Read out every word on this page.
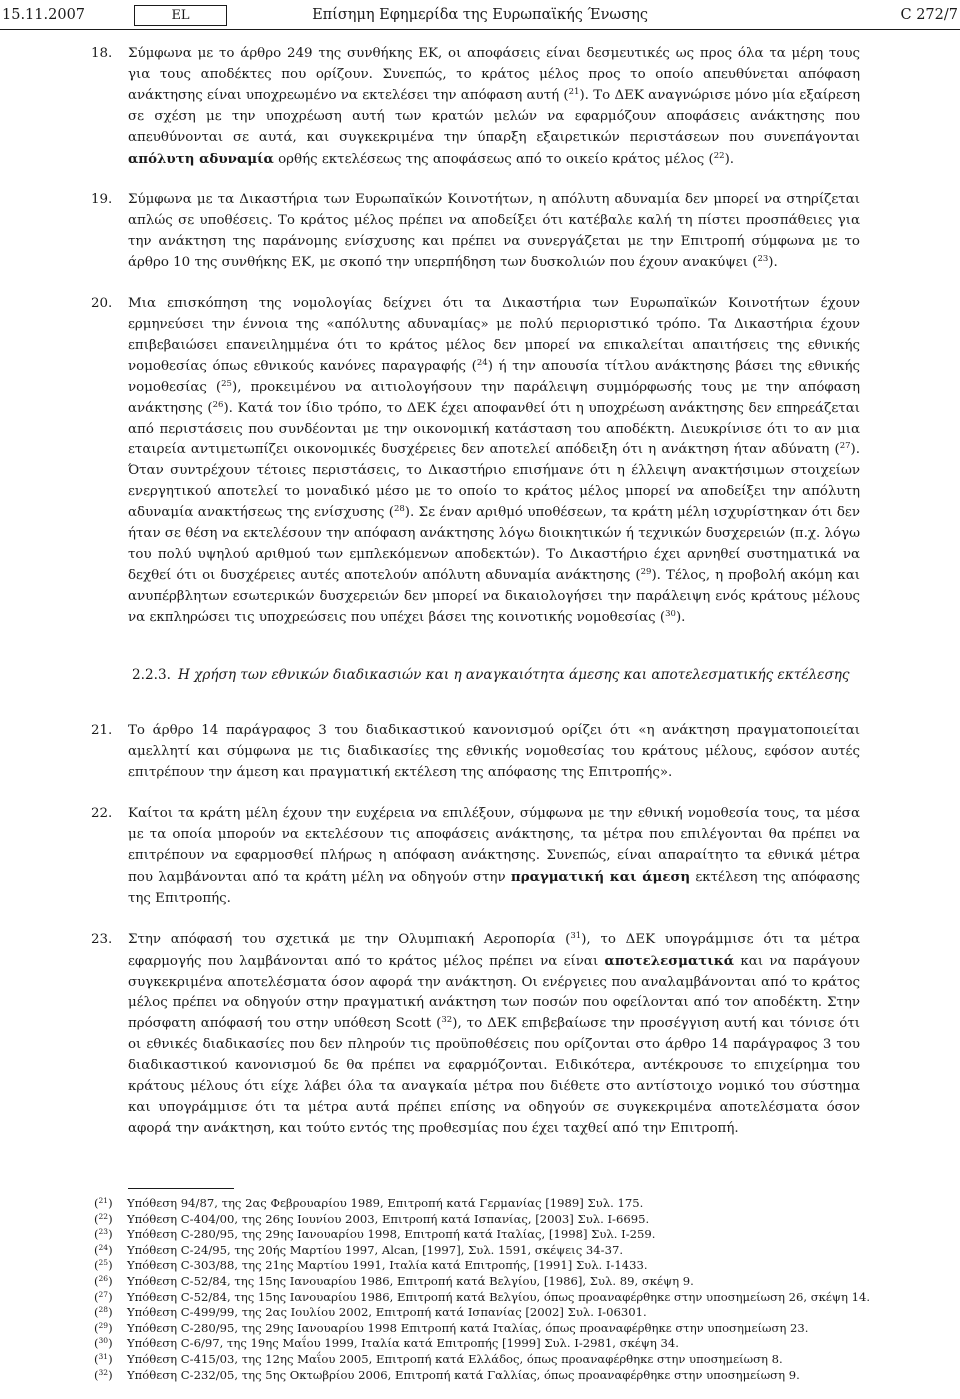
15.11.2007	EL	Επίσημη Εφημερίδα της Ευρωπαϊκής Ένωσης	C 272/7
18. Σύμφωνα με το άρθρο 249 της συνθήκης ΕΚ, οι αποφάσεις είναι δεσμευτικές ως προς όλα τα μέρη τους για τους αποδέκτες που ορίζουν. Συνεπώς, το κράτος μέλος προς το οποίο απευθύνεται απόφαση ανάκτησης είναι υποχρεωμένο να εκτελέσει την απόφαση αυτή ($^{21}$). Το ΔΕΚ αναγνώρισε μόνο μία εξαίρεση σε σχέση με την υποχρέωση αυτή των κρατών μελών να εφαρμόζουν αποφάσεις ανάκτησης που απευθύνονται σε αυτά, και συγκεκριμένα την ύπαρξη εξαιρετικών περιστάσεων που συνεπάγονται απόλυτη αδυναμία ορθής εκτελέσεως της αποφάσεως από το οικείο κράτος μέλος ($^{22}$).
19. Σύμφωνα με τα Δικαστήρια των Ευρωπαϊκών Κοινοτήτων, η απόλυτη αδυναμία δεν μπορεί να στηρίζεται απλώς σε υποθέσεις. Το κράτος μέλος πρέπει να αποδείξει ότι κατέβαλε καλή τη πίστει προσπάθειες για την ανάκτηση της παράνομης ενίσχυσης και πρέπει να συνεργάζεται με την Επιτροπή σύμφωνα με το άρθρο 10 της συνθήκης ΕΚ, με σκοπό την υπερπήδηση των δυσκολιών που έχουν ανακύψει ($^{23}$).
20. Μια επισκόπηση της νομολογίας δείχνει ότι τα Δικαστήρια των Ευρωπαϊκών Κοινοτήτων έχουν ερμηνεύσει την έννοια της «απόλυτης αδυναμίας» με πολύ περιοριστικό τρόπο. Τα Δικαστήρια έχουν επιβεβαιώσει επανειλημμένα ότι το κράτος μέλος δεν μπορεί να επικαλείται απαιτήσεις της εθνικής νομοθεσίας όπως εθνικούς κανόνες παραγραφής ($^{24}$) ή την απουσία τίτλου ανάκτησης βάσει της εθνικής νομοθεσίας ($^{25}$), προκειμένου να αιτιολογήσουν την παράλειψη συμμόρφωσής τους με την απόφαση ανάκτησης ($^{26}$). Κατά τον ίδιο τρόπο, το ΔΕΚ έχει αποφανθεί ότι η υποχρέωση ανάκτησης δεν επηρεάζεται από περιστάσεις που συνδέονται με την οικονομική κατάσταση του αποδέκτη. Διευκρίνισε ότι το αν μια εταιρεία αντιμετωπίζει οικονομικές δυσχέρειες δεν αποτελεί απόδειξη ότι η ανάκτηση ήταν αδύνατη ($^{27}$). Όταν συντρέχουν τέτοιες περιστάσεις, το Δικαστήριο επισήμανε ότι η έλλειψη ανακτήσιμων στοιχείων ενεργητικού αποτελεί το μοναδικό μέσο με το οποίο το κράτος μέλος μπορεί να αποδείξει την απόλυτη αδυναμία ανακτήσεως της ενίσχυσης ($^{28}$). Σε έναν αριθμό υποθέσεων, τα κράτη μέλη ισχυρίστηκαν ότι δεν ήταν σε θέση να εκτελέσουν την απόφαση ανάκτησης λόγω διοικητικών ή τεχνικών δυσχερειών (π.χ. λόγω του πολύ υψηλού αριθμού των εμπλεκόμενων αποδεκτών). Το Δικαστήριο έχει αρνηθεί συστηματικά να δεχθεί ότι οι δυσχέρειες αυτές αποτελούν απόλυτη αδυναμία ανάκτησης ($^{29}$). Τέλος, η προβολή ακόμη και ανυπέρβλητων εσωτερικών δυσχερειών δεν μπορεί να δικαιολογήσει την παράλειψη ενός κράτους μέλους να εκπληρώσει τις υποχρεώσεις που υπέχει βάσει της κοινοτικής νομοθεσίας ($^{30}$).
2.2.3. Η χρήση των εθνικών διαδικασιών και η αναγκαιότητα άμεσης και αποτελεσματικής εκτέλεσης
21. Το άρθρο 14 παράγραφος 3 του διαδικαστικού κανονισμού ορίζει ότι «η ανάκτηση πραγματοποιείται αμελλητί και σύμφωνα με τις διαδικασίες της εθνικής νομοθεσίας του κράτους μέλους, εφόσον αυτές επιτρέπουν την άμεση και πραγματική εκτέλεση της απόφασης της Επιτροπής».
22. Καίτοι τα κράτη μέλη έχουν την ευχέρεια να επιλέξουν, σύμφωνα με την εθνική νομοθεσία τους, τα μέσα με τα οποία μπορούν να εκτελέσουν τις αποφάσεις ανάκτησης, τα μέτρα που επιλέγονται θα πρέπει να επιτρέπουν να εφαρμοσθεί πλήρως η απόφαση ανάκτησης. Συνεπώς, είναι απαραίτητο τα εθνικά μέτρα που λαμβάνονται από τα κράτη μέλη να οδηγούν στην πραγματική και άμεση εκτέλεση της απόφασης της Επιτροπής.
23. Στην απόφασή του σχετικά με την Ολυμπιακή Αεροπορία ($^{31}$), το ΔΕΚ υπογράμμισε ότι τα μέτρα εφαρμογής που λαμβάνονται από το κράτος μέλος πρέπει να είναι αποτελεσματικά και να παράγουν συγκεκριμένα αποτελέσματα όσον αφορά την ανάκτηση. Οι ενέργειες που αναλαμβάνονται από το κράτος μέλος πρέπει να οδηγούν στην πραγματική ανάκτηση των ποσών που οφείλονται από τον αποδέκτη. Στην πρόσφατη απόφασή του στην υπόθεση Scott ($^{32}$), το ΔΕΚ επιβεβαίωσε την προσέγγιση αυτή και τόνισε ότι οι εθνικές διαδικασίες που δεν πληρούν τις προϋποθέσεις που ορίζονται στο άρθρο 14 παράγραφος 3 του διαδικαστικού κανονισμού δε θα πρέπει να εφαρμόζονται. Ειδικότερα, αντέκρουσε το επιχείρημα του κράτους μέλους ότι είχε λάβει όλα τα αναγκαία μέτρα που διέθετε στο αντίστοιχο νομικό του σύστημα και υπογράμμισε ότι τα μέτρα αυτά πρέπει επίσης να οδηγούν σε συγκεκριμένα αποτελέσματα όσον αφορά την ανάκτηση, και τούτο εντός της προθεσμίας που έχει ταχθεί από την Επιτροπή.
($^{21}$)	Υπόθεση 94/87, της 2ας Φεβρουαρίου 1989, Επιτροπή κατά Γερμανίας [1989] Συλ. 175.
($^{22}$)	Υπόθεση C-404/00, της 26ης Ιουνίου 2003, Επιτροπή κατά Ισπανίας, [2003] Συλ. I-6695.
($^{23}$)	Υπόθεση C-280/95, της 29ης Ιανουαρίου 1998, Επιτροπή κατά Ιταλίας, [1998] Συλ. I-259.
($^{24}$)	Υπόθεση C-24/95, της 20ής Μαρτίου 1997, Alcan, [1997], Συλ. 1591, σκέψεις 34-37.
($^{25}$)	Υπόθεση C-303/88, της 21ης Μαρτίου 1991, Ιταλία κατά Επιτροπής, [1991] Συλ. I-1433.
($^{26}$)	Υπόθεση C-52/84, της 15ης Ιανουαρίου 1986, Επιτροπή κατά Βελγίου, [1986], Συλ. 89, σκέψη 9.
($^{27}$)	Υπόθεση C-52/84, της 15ης Ιανουαρίου 1986, Επιτροπή κατά Βελγίου, όπως προαναφέρθηκε στην υποσημείωση 26, σκέψη 14.
($^{28}$)	Υπόθεση C-499/99, της 2ας Ιουλίου 2002, Επιτροπή κατά Ισπανίας [2002] Συλ. I-06301.
($^{29}$)	Υπόθεση C-280/95, της 29ης Ιανουαρίου 1998 Επιτροπή κατά Ιταλίας, όπως προαναφέρθηκε στην υποσημείωση 23.
($^{30}$)	Υπόθεση C-6/97, της 19ης Μαΐου 1999, Ιταλία κατά Επιτροπής [1999] Συλ. I-2981, σκέψη 34.
($^{31}$)	Υπόθεση C-415/03, της 12ης Μαΐου 2005, Επιτροπή κατά Ελλάδος, όπως προαναφέρθηκε στην υποσημείωση 8.
($^{32}$)	Υπόθεση C-232/05, της 5ης Οκτωβρίου 2006, Επιτροπή κατά Γαλλίας, όπως προαναφέρθηκε στην υποσημείωση 9.
